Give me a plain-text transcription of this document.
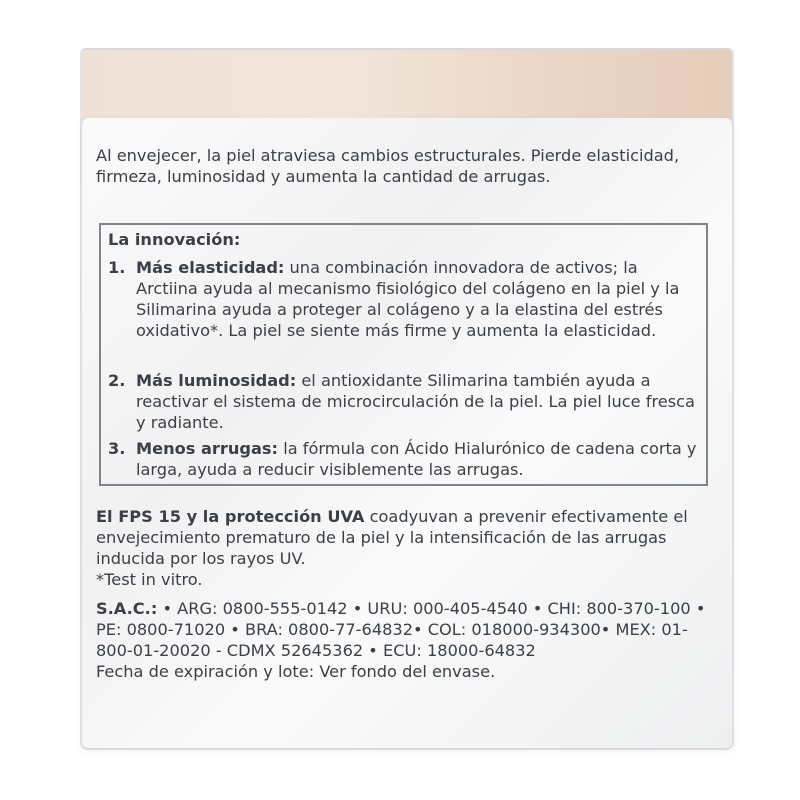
Al envejecer, la piel atraviesa cambios estructurales. Pierde elasticidad, firmeza, luminosidad y aumenta la cantidad de arrugas.

La innovación:
1. Más elasticidad: una combinación innovadora de activos; la Arctiina ayuda al mecanismo fisiológico del colágeno en la piel y la Silimarina ayuda a proteger al colágeno y a la elastina del estrés oxidativo*. La piel se siente más firme y aumenta la elasticidad.
2. Más luminosidad: el antioxidante Silimarina también ayuda a reactivar el sistema de microcirculación de la piel. La piel luce fresca y radiante.
3. Menos arrugas: la fórmula con Ácido Hialurónico de cadena corta y larga, ayuda a reducir visiblemente las arrugas.

El FPS 15 y la protección UVA coadyuvan a prevenir efectivamente el envejecimiento prematuro de la piel y la intensificación de las arrugas inducida por los rayos UV.

*Test in vitro.

S.A.C.: • ARG: 0800-555-0142 • URU: 000-405-4540 • CHI: 800-370-100 • PE: 0800-71020 • BRA: 0800-77-64832• COL: 018000-934300• MEX: 01-800-01-20020 - CDMX 52645362 • ECU: 18000-64832

Fecha de expiración y lote: Ver fondo del envase.
